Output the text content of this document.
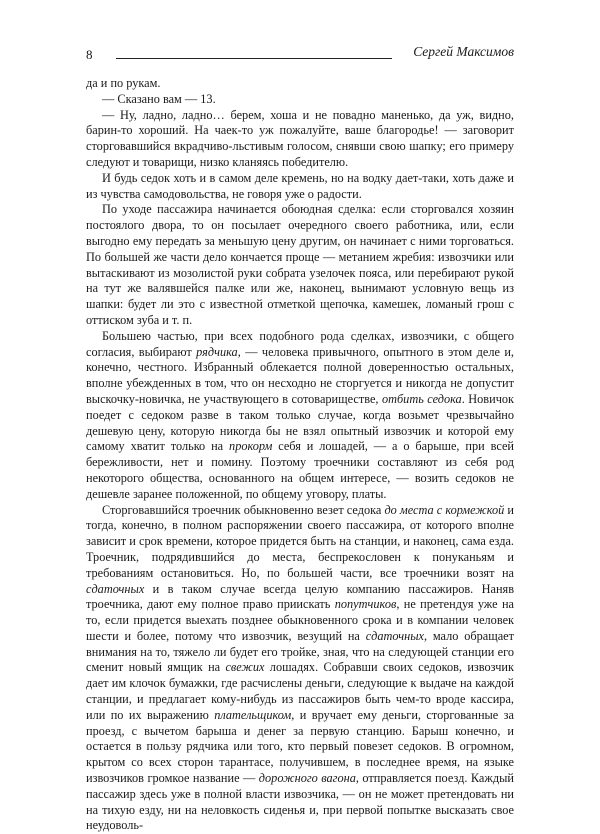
8	Сергей Максимов

да и по рукам.

— Сказано вам — 13.

— Ну, ладно, ладно… берем, хоша и не повадно маненько, да уж, видно, барин-то хороший. На чаек-то уж пожалуйте, ваше благородье! — заговорит сторговавшийся вкрадчиво-льстивым голосом, снявши свою шапку; его примеру следуют и товарищи, низко кланяясь победителю.

И будь седок хоть и в самом деле кремень, но на водку дает-таки, хоть даже и из чувства самодовольства, не говоря уже о радости.

По уходе пассажира начинается обоюдная сделка: если сторговался хозяин постоялого двора, то он посылает очередного своего работника, или, если выгодно ему передать за меньшую цену другим, он начинает с ними торговаться. По большей же части дело кончается проще — метанием жребия: извозчики или вытаскивают из мозолистой руки собрата узелочек пояса, или перебирают рукой на тут же валявшейся палке или же, наконец, вынимают условную вещь из шапки: будет ли это с известной отметкой щепочка, камешек, ломаный грош с оттиском зуба и т. п.

Большею частью, при всех подобного рода сделках, извозчики, с общего согласия, выбирают рядчика, — человека привычного, опытного в этом деле и, конечно, честного. Избранный облекается полной доверенностью остальных, вполне убежденных в том, что он несходно не сторгуется и никогда не допустит выскочку-новичка, не участвующего в сотовариществе, отбить седока. Новичок поедет с седоком разве в таком только случае, когда возьмет чрезвычайно дешевую цену, которую никогда бы не взял опытный извозчик и которой ему самому хватит только на прокорм себя и лошадей, — а о барыше, при всей бережливости, нет и помину. Поэтому троечники составляют из себя род некоторого общества, основанного на общем интересе, — возить седоков не дешевле заранее положенной, по общему уговору, платы.

Сторговавшийся троечник обыкновенно везет седока до места с кормежкой и тогда, конечно, в полном распоряжении своего пассажира, от которого вполне зависит и срок времени, которое придется быть на станции, и наконец, сама езда. Троечник, подрядившийся до места, беспрекословен к понуканьям и требованиям остановиться. Но, по большей части, все троечники возят на сдаточных и в таком случае всегда целую компанию пассажиров. Наняв троечника, дают ему полное право приискать попутчиков, не претендуя уже на то, если придется выехать позднее обыкновенного срока и в компании человек шести и более, потому что извозчик, везущий на сдаточных, мало обращает внимания на то, тяжело ли будет его тройке, зная, что на следующей станции его сменит новый ямщик на свежих лошадях. Собравши своих седоков, извозчик дает им клочок бумажки, где расчислены деньги, следующие к выдаче на каждой станции, и предлагает кому-нибудь из пассажиров быть чем-то вроде кассира, или по их выражению плательщиком, и вручает ему деньги, сторгованные за проезд, с вычетом барыша и денег за первую станцию. Барыш конечно, и остается в пользу рядчика или того, кто первый повезет седоков. В огромном, крытом со всех сторон тарантасе, получившем, в последнее время, на языке извозчиков громкое название — дорожного вагона, отправляется поезд. Каждый пассажир здесь уже в полной власти извозчика, — он не может претендовать ни на тихую езду, ни на неловкость сиденья и, при первой попытке высказать свое неудоволь-
